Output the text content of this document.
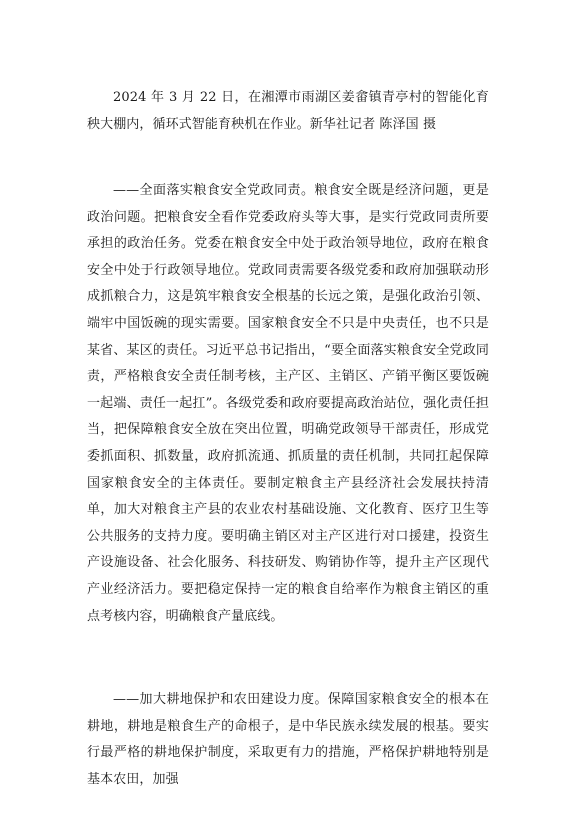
2024 年 3 月 22 日，在湘潭市雨湖区姜畲镇青亭村的智能化育秧大棚内，循环式智能育秧机在作业。新华社记者 陈泽国 摄

——全面落实粮食安全党政同责。粮食安全既是经济问题，更是政治问题。把粮食安全看作党委政府头等大事，是实行党政同责所要承担的政治任务。党委在粮食安全中处于政治领导地位，政府在粮食安全中处于行政领导地位。党政同责需要各级党委和政府加强联动形成抓粮合力，这是筑牢粮食安全根基的长远之策，是强化政治引领、端牢中国饭碗的现实需要。国家粮食安全不只是中央责任，也不只是某省、某区的责任。习近平总书记指出，“要全面落实粮食安全党政同责，严格粮食安全责任制考核，主产区、主销区、产销平衡区要饭碗一起端、责任一起扛”。各级党委和政府要提高政治站位，强化责任担当，把保障粮食安全放在突出位置，明确党政领导干部责任，形成党委抓面积、抓数量，政府抓流通、抓质量的责任机制，共同扛起保障国家粮食安全的主体责任。要制定粮食主产县经济社会发展扶持清单，加大对粮食主产县的农业农村基础设施、文化教育、医疗卫生等公共服务的支持力度。要明确主销区对主产区进行对口援建，投资生产设施设备、社会化服务、科技研发、购销协作等，提升主产区现代产业经济活力。要把稳定保持一定的粮食自给率作为粮食主销区的重点考核内容，明确粮食产量底线。

——加大耕地保护和农田建设力度。保障国家粮食安全的根本在耕地，耕地是粮食生产的命根子，是中华民族永续发展的根基。要实行最严格的耕地保护制度，采取更有力的措施，严格保护耕地特别是基本农田，加强
